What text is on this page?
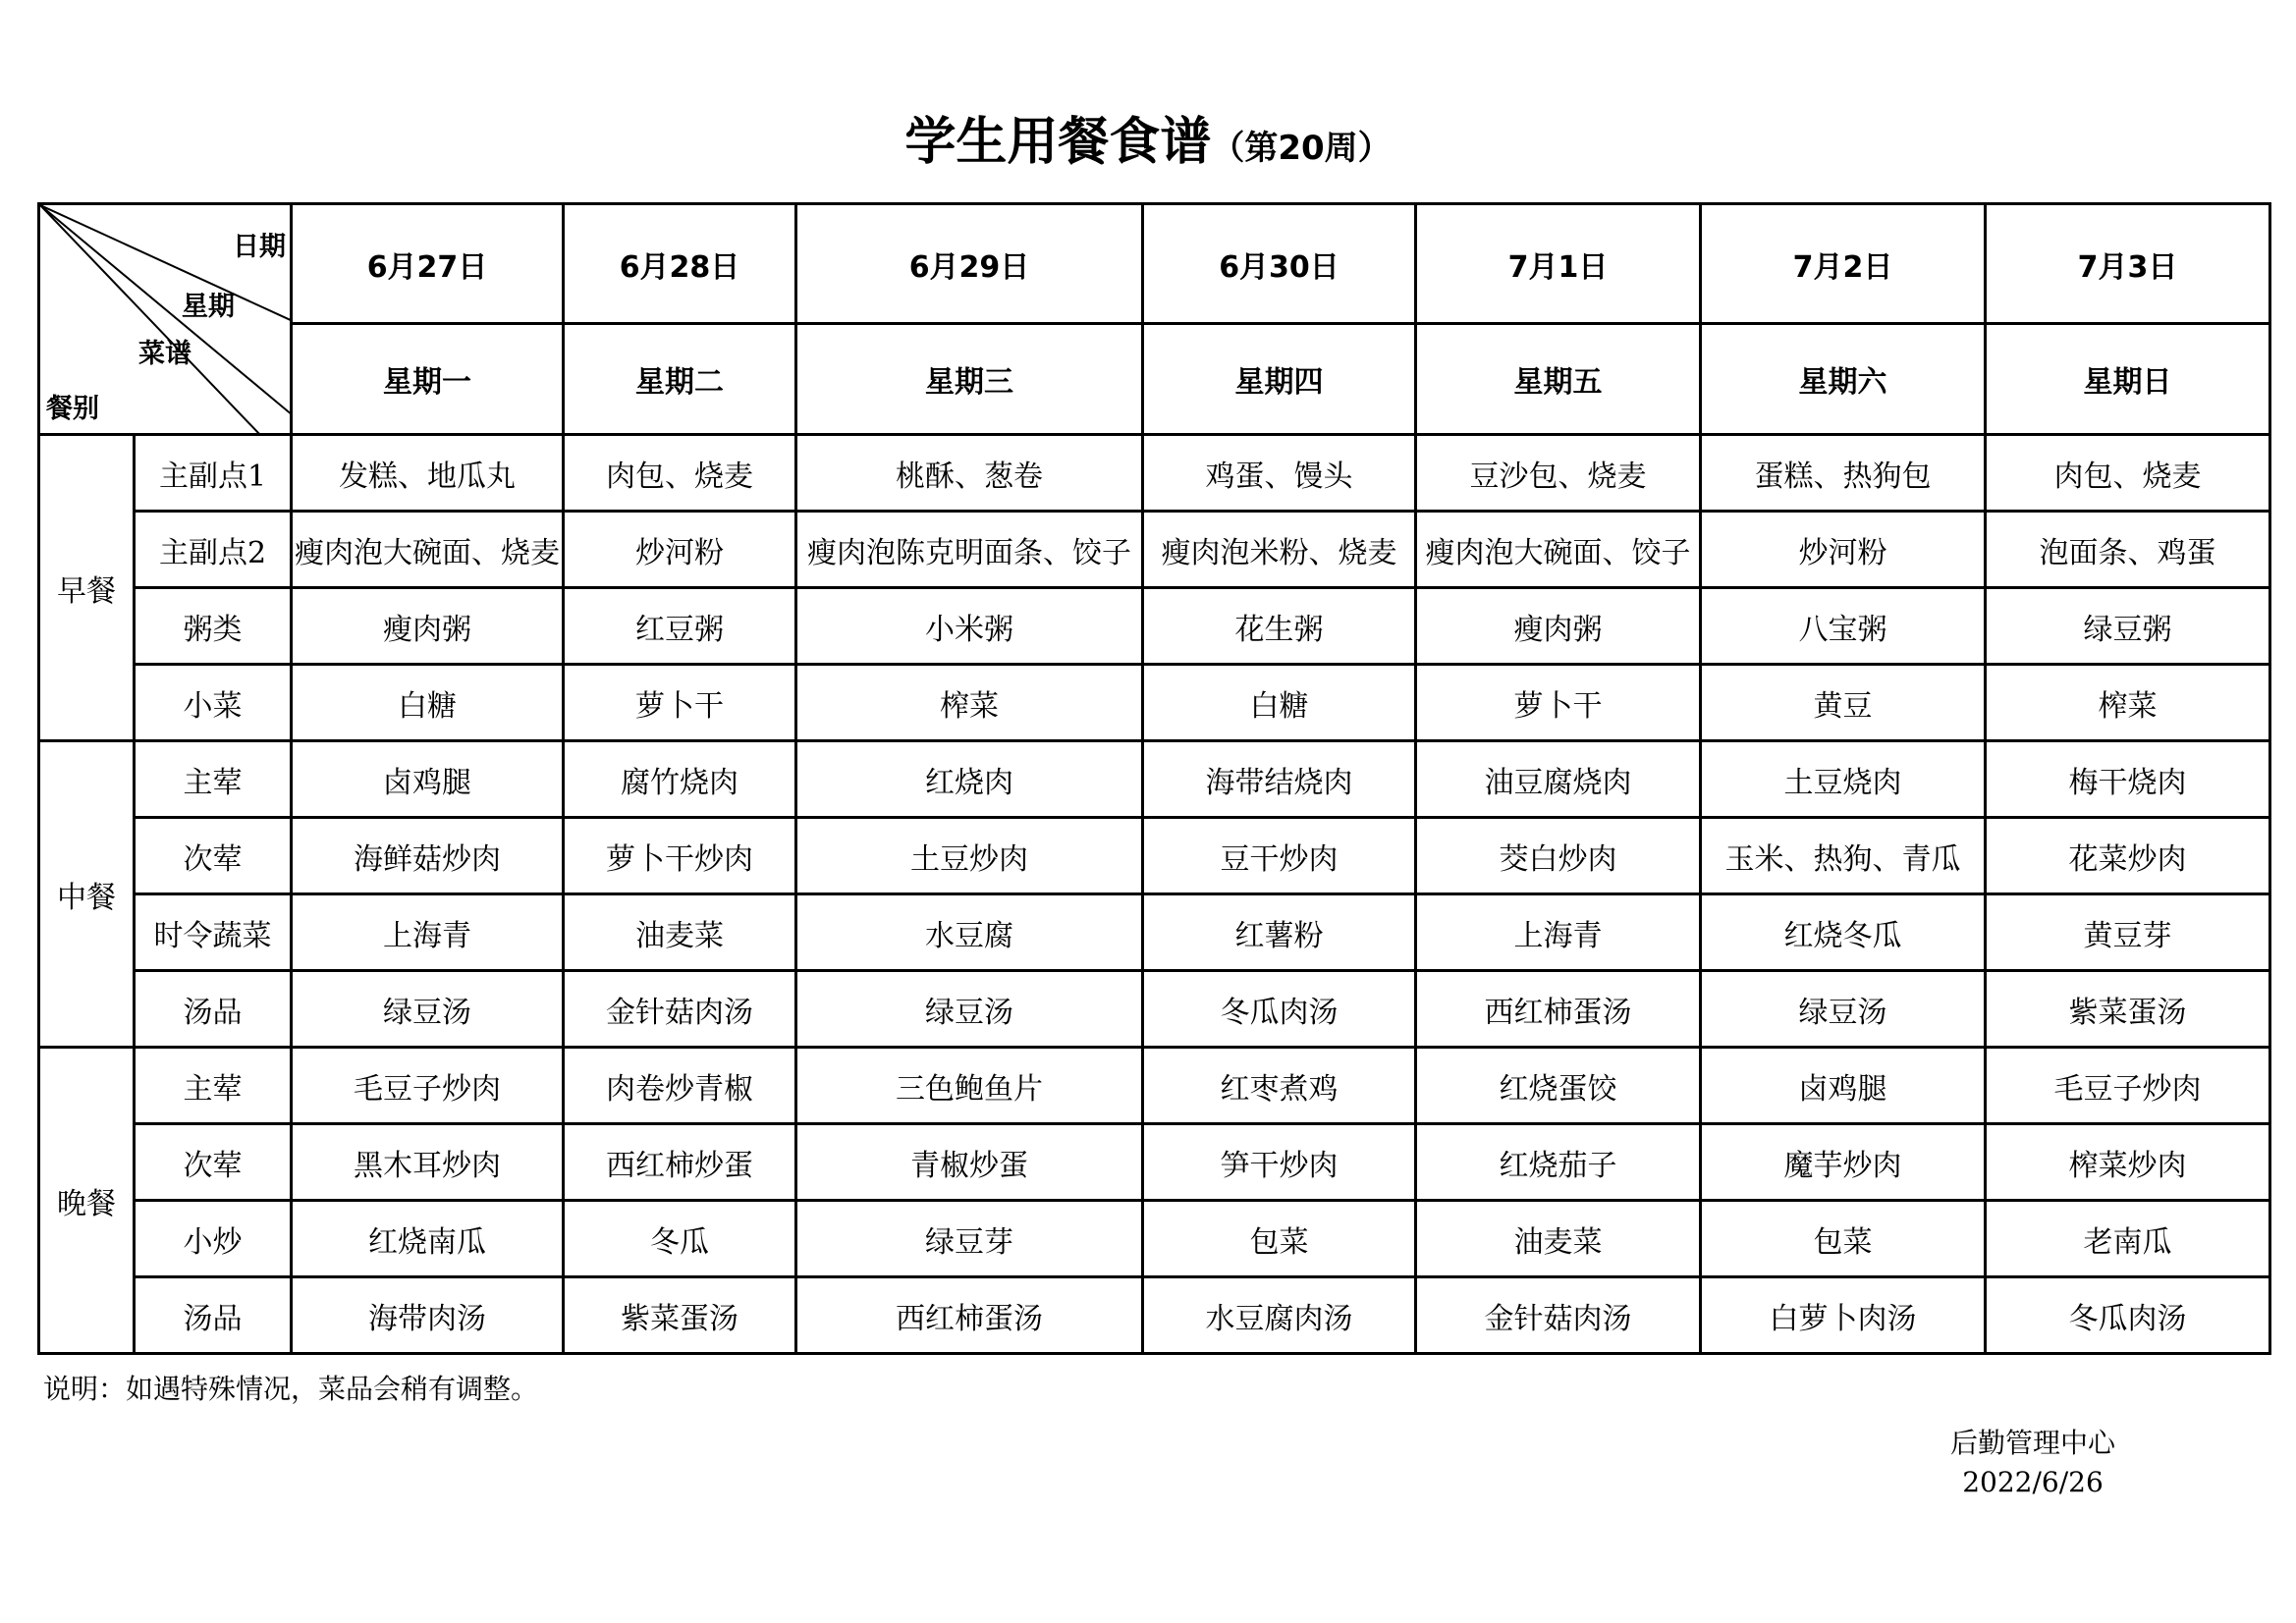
学生用餐食谱（第20周）
日期
星期
菜谱
餐别		6月27日	6月28日	6月29日	6月30日	7月1日	7月2日	7月3日
		星期一	星期二	星期三	星期四	星期五	星期六	星期日
早餐	主副点1	发糕、地瓜丸	肉包、烧麦	桃酥、葱卷	鸡蛋、馒头	豆沙包、烧麦	蛋糕、热狗包	肉包、烧麦
	主副点2	瘦肉泡大碗面、烧麦	炒河粉	瘦肉泡陈克明面条、饺子	瘦肉泡米粉、烧麦	瘦肉泡大碗面、饺子	炒河粉	泡面条、鸡蛋
	粥类	瘦肉粥	红豆粥	小米粥	花生粥	瘦肉粥	八宝粥	绿豆粥
	小菜	白糖	萝卜干	榨菜	白糖	萝卜干	黄豆	榨菜
中餐	主荤	卤鸡腿	腐竹烧肉	红烧肉	海带结烧肉	油豆腐烧肉	土豆烧肉	梅干烧肉
	次荤	海鲜菇炒肉	萝卜干炒肉	土豆炒肉	豆干炒肉	茭白炒肉	玉米、热狗、青瓜	花菜炒肉
	时令蔬菜	上海青	油麦菜	水豆腐	红薯粉	上海青	红烧冬瓜	黄豆芽
	汤品	绿豆汤	金针菇肉汤	绿豆汤	冬瓜肉汤	西红柿蛋汤	绿豆汤	紫菜蛋汤
晚餐	主荤	毛豆子炒肉	肉卷炒青椒	三色鲍鱼片	红枣煮鸡	红烧蛋饺	卤鸡腿	毛豆子炒肉
	次荤	黑木耳炒肉	西红柿炒蛋	青椒炒蛋	笋干炒肉	红烧茄子	魔芋炒肉	榨菜炒肉
	小炒	红烧南瓜	冬瓜	绿豆芽	包菜	油麦菜	包菜	老南瓜
	汤品	海带肉汤	紫菜蛋汤	西红柿蛋汤	水豆腐肉汤	金针菇肉汤	白萝卜肉汤	冬瓜肉汤
说明：如遇特殊情况，菜品会稍有调整。
后勤管理中心
2022/6/26
